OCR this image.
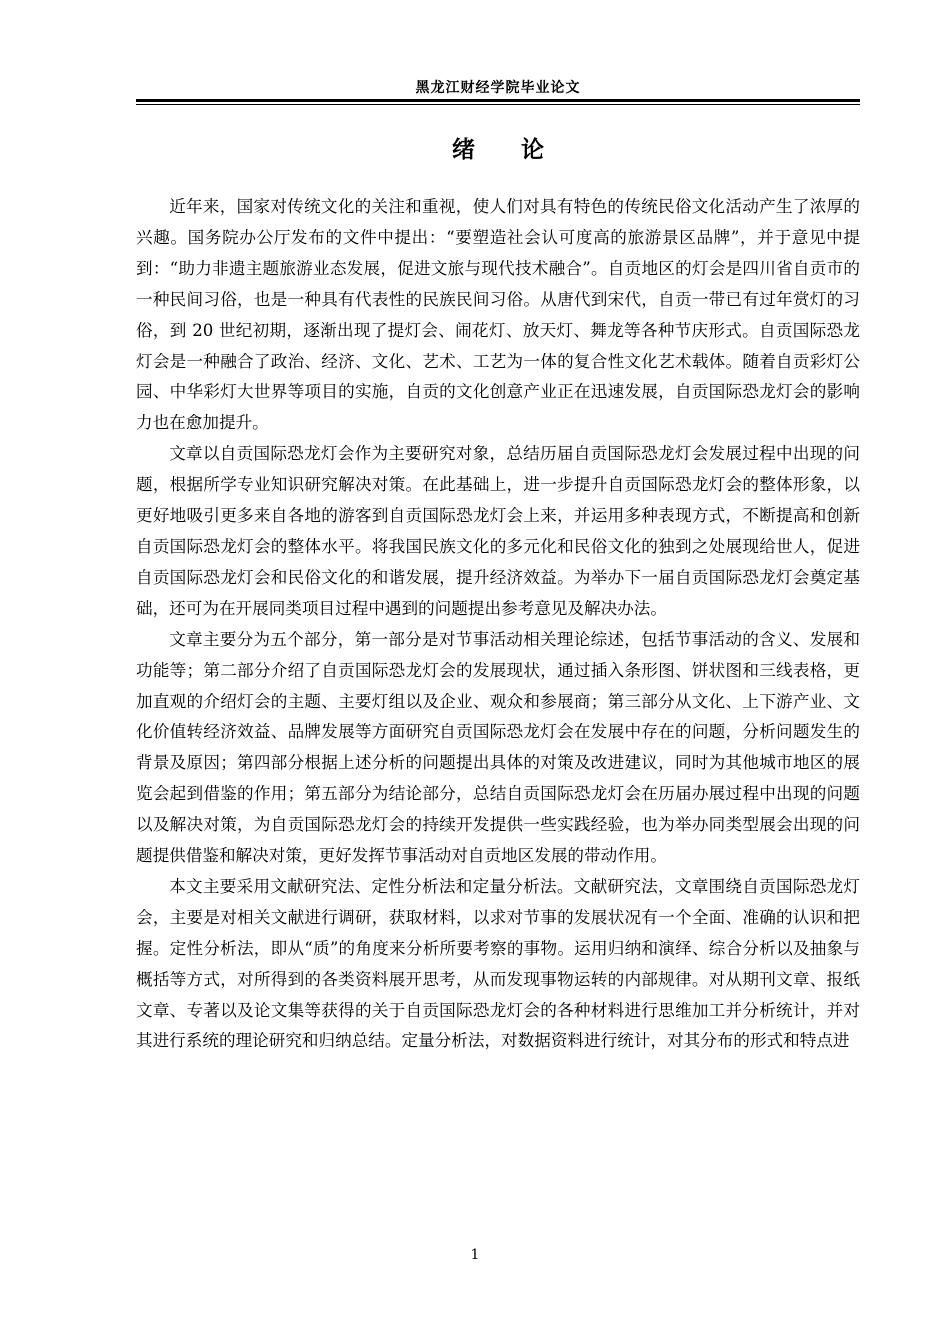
黑龙江财经学院毕业论文
绪论

近年来，国家对传统文化的关注和重视，使人们对具有特色的传统民俗文化活动产生了浓厚的兴趣。国务院办公厅发布的文件中提出：“要塑造社会认可度高的旅游景区品牌”，并于意见中提到：“助力非遗主题旅游业态发展，促进文旅与现代技术融合”。自贡地区的灯会是四川省自贡市的一种民间习俗，也是一种具有代表性的民族民间习俗。从唐代到宋代，自贡一带已有过年赏灯的习俗，到 20 世纪初期，逐渐出现了提灯会、闹花灯、放天灯、舞龙等各种节庆形式。自贡国际恐龙灯会是一种融合了政治、经济、文化、艺术、工艺为一体的复合性文化艺术载体。随着自贡彩灯公园、中华彩灯大世界等项目的实施，自贡的文化创意产业正在迅速发展，自贡国际恐龙灯会的影响力也在愈加提升。

文章以自贡国际恐龙灯会作为主要研究对象，总结历届自贡国际恐龙灯会发展过程中出现的问题，根据所学专业知识研究解决对策。在此基础上，进一步提升自贡国际恐龙灯会的整体形象，以更好地吸引更多来自各地的游客到自贡国际恐龙灯会上来，并运用多种表现方式，不断提高和创新自贡国际恐龙灯会的整体水平。将我国民族文化的多元化和民俗文化的独到之处展现给世人，促进自贡国际恐龙灯会和民俗文化的和谐发展，提升经济效益。为举办下一届自贡国际恐龙灯会奠定基础，还可为在开展同类项目过程中遇到的问题提出参考意见及解决办法。

文章主要分为五个部分，第一部分是对节事活动相关理论综述，包括节事活动的含义、发展和功能等；第二部分介绍了自贡国际恐龙灯会的发展现状，通过插入条形图、饼状图和三线表格，更加直观的介绍灯会的主题、主要灯组以及企业、观众和参展商；第三部分从文化、上下游产业、文化价值转经济效益、品牌发展等方面研究自贡国际恐龙灯会在发展中存在的问题，分析问题发生的背景及原因；第四部分根据上述分析的问题提出具体的对策及改进建议，同时为其他城市地区的展览会起到借鉴的作用；第五部分为结论部分，总结自贡国际恐龙灯会在历届办展过程中出现的问题以及解决对策，为自贡国际恐龙灯会的持续开发提供一些实践经验，也为举办同类型展会出现的问题提供借鉴和解决对策，更好发挥节事活动对自贡地区发展的带动作用。

本文主要采用文献研究法、定性分析法和定量分析法。文献研究法，文章围绕自贡国际恐龙灯会，主要是对相关文献进行调研，获取材料，以求对节事的发展状况有一个全面、准确的认识和把握。定性分析法，即从“质”的角度来分析所要考察的事物。运用归纳和演绎、综合分析以及抽象与概括等方式，对所得到的各类资料展开思考，从而发现事物运转的内部规律。对从期刊文章、报纸文章、专著以及论文集等获得的关于自贡国际恐龙灯会的各种材料进行思维加工并分析统计，并对其进行系统的理论研究和归纳总结。定量分析法，对数据资料进行统计，对其分布的形式和特点进

1
